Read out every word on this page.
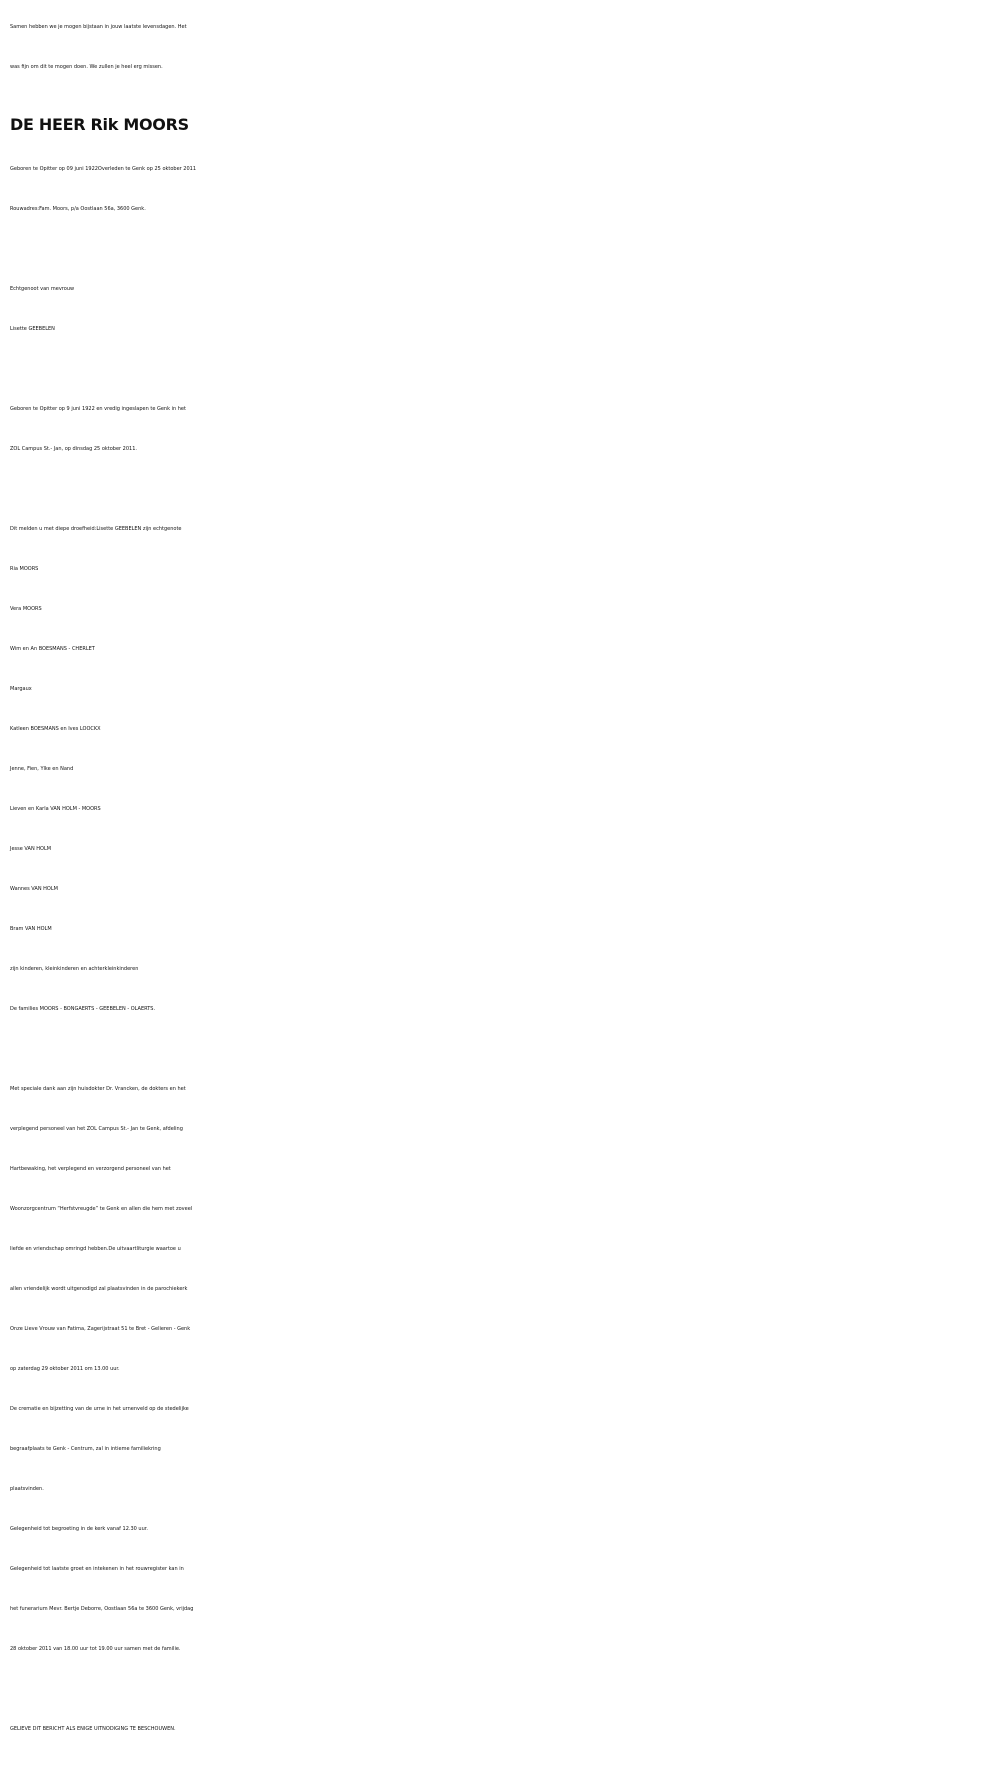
Samen hebben we je mogen bijstaan in jouw laatste levensdagen. Het

was fijn om dit te mogen doen. We zullen je heel erg missen.

DE HEER Rik MOORS

Geboren te Opitter op 09 juni 1922Overleden te Genk op 25 oktober 2011

Rouwadres:Fam. Moors, p/a Oostlaan 56a, 3600 Genk.

Echtgenoot van mevrouw

Lisette GEEBELEN

Geboren te Opitter op 9 juni 1922 en vredig ingeslapen te Genk in het

ZOL Campus St.- Jan, op dinsdag 25 oktober 2011.

Dit melden u met diepe droefheid:Lisette GEEBELEN zijn echtgenote

Ria MOORS

Vera MOORS

Wim en An BOESMANS - CHERLET

Margaux

Katleen BOESMANS en Ives LOOCKX

Jenne, Fien, Ylke en Nand

Lieven en Karla VAN HOLM - MOORS

Jesse VAN HOLM

Wannes VAN HOLM

Bram VAN HOLM

zijn kinderen, kleinkinderen en achterkleinkinderen

De families MOORS - BONGAERTS - GEEBELEN - OLAERTS.

Met speciale dank aan zijn huisdokter Dr. Vrancken, de dokters en het

verplegend personeel van het ZOL Campus St.- Jan te Genk, afdeling

Hartbewaking, het verplegend en verzorgend personeel van het

Woonzorgcentrum “Herfstvreugde” te Genk en allen die hem met zoveel

liefde en vriendschap omringd hebben.De uitvaartliturgie waartoe u

allen vriendelijk wordt uitgenodigd zal plaatsvinden in de parochiekerk

Onze Lieve Vrouw van Fatima, Zagerijstraat 51 te Bret - Gelieren - Genk

op zaterdag 29 oktober 2011 om 13.00 uur.

De crematie en bijzetting van de urne in het urnenveld op de stedelijke

begraafplaats te Genk - Centrum, zal in intieme familiekring

plaatsvinden.

Gelegenheid tot begroeting in de kerk vanaf 12.30 uur.

Gelegenheid tot laatste groet en intekenen in het rouwregister kan in

het funerarium Mevr. Bertje Deborre, Oostlaan 56a te 3600 Genk, vrijdag

28 oktober 2011 van 18.00 uur tot 19.00 uur samen met de familie.

GELIEVE DIT BERICHT ALS ENIGE UITNODIGING TE BESCHOUWEN.
